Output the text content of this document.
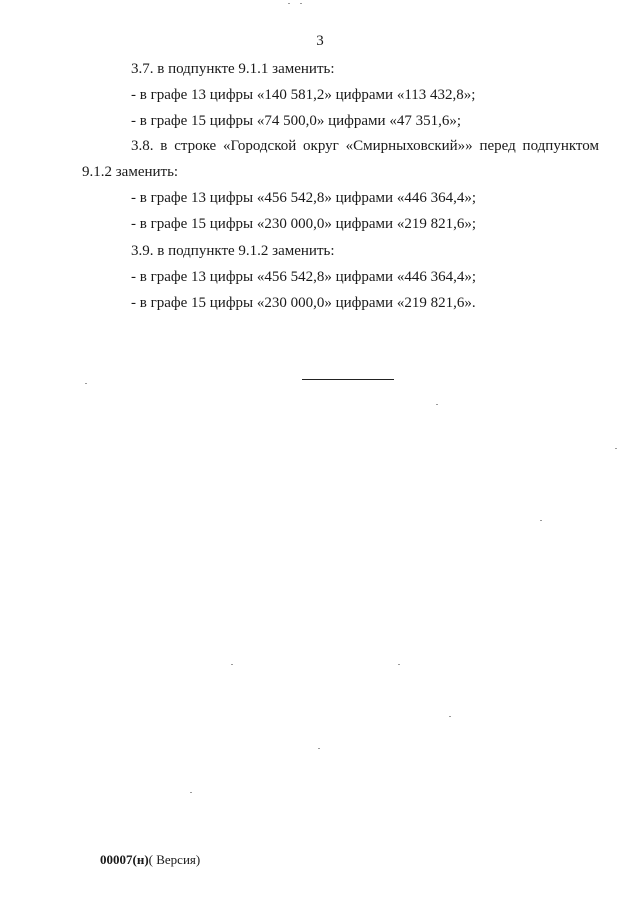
3
3.7. в подпункте 9.1.1 заменить:
- в графе 13 цифры «140 581,2» цифрами «113 432,8»;
- в графе 15 цифры «74 500,0» цифрами «47 351,6»;
3.8. в строке «Городской округ «Смирныховский»» перед подпунктом
9.1.2 заменить:
- в графе 13 цифры «456 542,8» цифрами «446 364,4»;
- в графе 15 цифры «230 000,0» цифрами «219 821,6»;
3.9. в подпункте 9.1.2 заменить:
- в графе 13 цифры «456 542,8» цифрами «446 364,4»;
- в графе 15 цифры «230 000,0» цифрами «219 821,6».
00007(н)( Версия)
